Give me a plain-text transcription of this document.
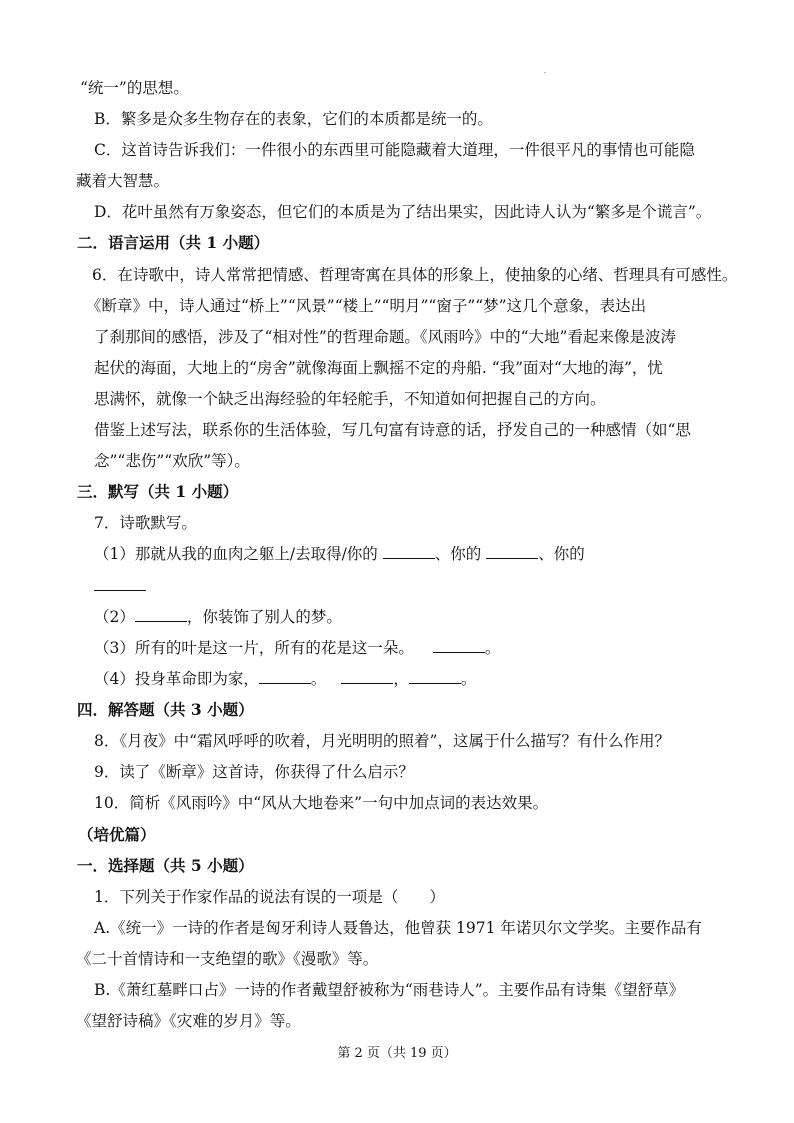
“统一”的思想。
B．繁多是众多生物存在的表象，它们的本质都是统一的。
C．这首诗告诉我们：一件很小的东西里可能隐藏着大道理，一件很平凡的事情也可能隐
藏着大智慧。
D．花叶虽然有万象姿态，但它们的本质是为了结出果实，因此诗人认为“繁多是个谎言”。
二．语言运用（共 1 小题）
6．在诗歌中，诗人常常把情感、哲理寄寓在具体的形象上，使抽象的心绪、哲理具有可感性。
《断章》中，诗人通过“桥上”“风景”“楼上”“明月”“窗子”“梦”这几个意象，表达出
了刹那间的感悟，涉及了“相对性”的哲理命题。《风雨吟》中的“大地”看起来像是波涛
起伏的海面，大地上的“房舍”就像海面上飘摇不定的舟船. “我”面对“大地的海”，忧
思满怀，就像一个缺乏出海经验的年轻舵手，不知道如何把握自己的方向。
借鉴上述写法，联系你的生活体验，写几句富有诗意的话，抒发自己的一种感情（如“思
念”“悲伤”“欢欣”等）。
三．默写（共 1 小题）
7．诗歌默写。
（1）那就从我的血肉之躯上/去取得/你的	、你的	、你的
（2）	，你装饰了别人的梦。
（3）所有的叶是这一片，所有的花是这一朵。	。
（4）投身革命即为家，	。	，	。
四．解答题（共 3 小题）
8．《月夜》中“霜风呼呼的吹着，月光明明的照着”，这属于什么描写？有什么作用？
9．读了《断章》这首诗，你获得了什么启示？
10．简析《风雨吟》中“风从大地卷来”一句中加点词的表达效果。
（培优篇）
一．选择题（共 5 小题）
1．下列关于作家作品的说法有误的一项是（　　）
A.《统一》一诗的作者是匈牙利诗人聂鲁达，他曾获 1971 年诺贝尔文学奖。主要作品有
《二十首情诗和一支绝望的歌》《漫歌》等。
B.《萧红墓畔口占》一诗的作者戴望舒被称为“雨巷诗人”。主要作品有诗集《望舒草》
《望舒诗稿》《灾难的岁月》等。
第 2 页（共 19 页）
